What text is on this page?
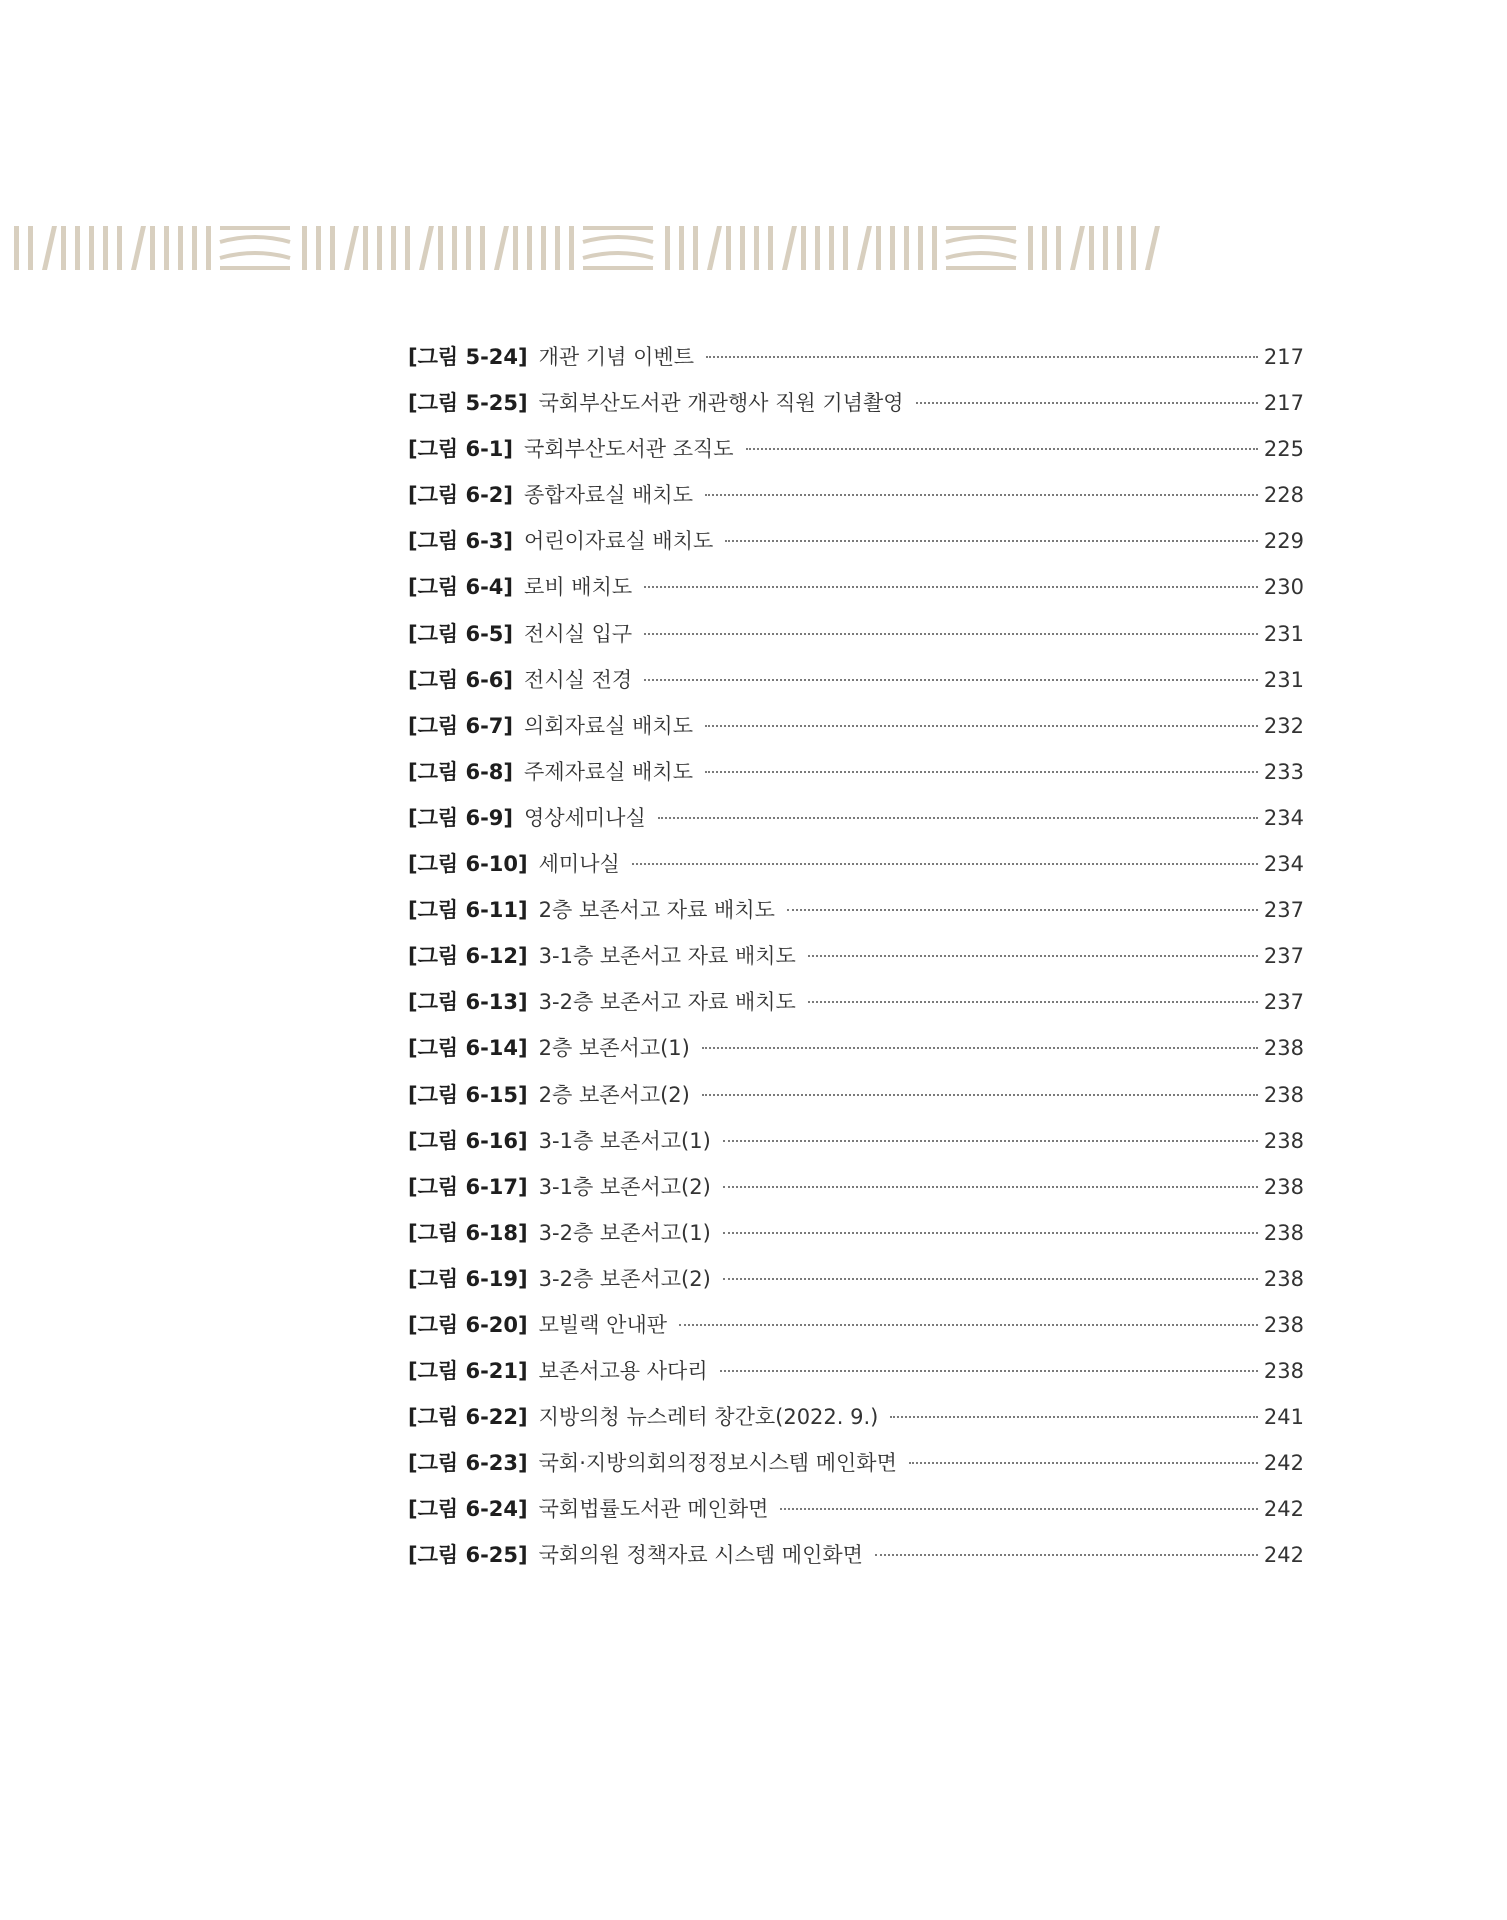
[그림 5-24] 개관 기념 이벤트	217
[그림 5-25] 국회부산도서관 개관행사 직원 기념촬영	217
[그림 6-1] 국회부산도서관 조직도	225
[그림 6-2] 종합자료실 배치도	228
[그림 6-3] 어린이자료실 배치도	229
[그림 6-4] 로비 배치도	230
[그림 6-5] 전시실 입구	231
[그림 6-6] 전시실 전경	231
[그림 6-7] 의회자료실 배치도	232
[그림 6-8] 주제자료실 배치도	233
[그림 6-9] 영상세미나실	234
[그림 6-10] 세미나실	234
[그림 6-11] 2층 보존서고 자료 배치도	237
[그림 6-12] 3-1층 보존서고 자료 배치도	237
[그림 6-13] 3-2층 보존서고 자료 배치도	237
[그림 6-14] 2층 보존서고(1)	238
[그림 6-15] 2층 보존서고(2)	238
[그림 6-16] 3-1층 보존서고(1)	238
[그림 6-17] 3-1층 보존서고(2)	238
[그림 6-18] 3-2층 보존서고(1)	238
[그림 6-19] 3-2층 보존서고(2)	238
[그림 6-20] 모빌랙 안내판	238
[그림 6-21] 보존서고용 사다리	238
[그림 6-22] 지방의청 뉴스레터 창간호(2022. 9.)	241
[그림 6-23] 국회·지방의회의정정보시스템 메인화면	242
[그림 6-24] 국회법률도서관 메인화면	242
[그림 6-25] 국회의원 정책자료 시스템 메인화면	242
